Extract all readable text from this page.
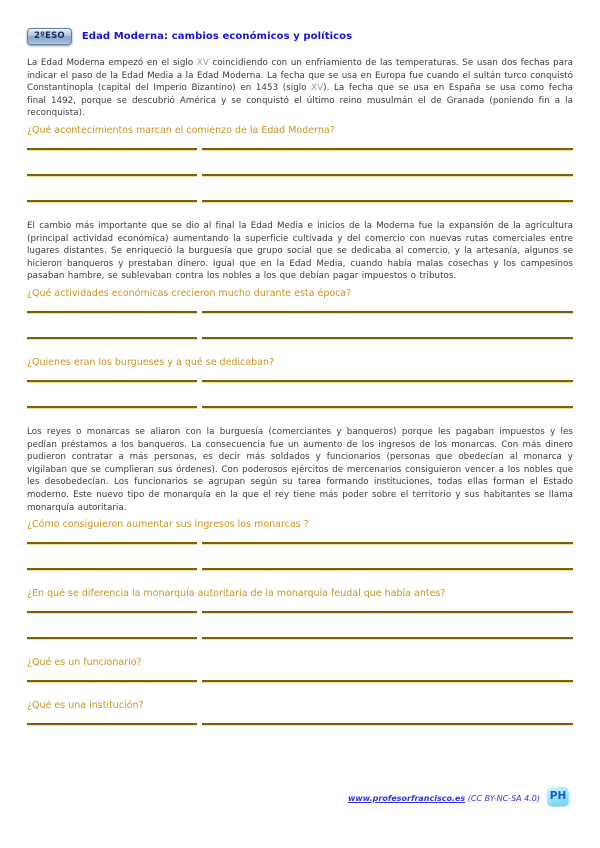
2ºESO	Edad Moderna: cambios económicos y políticos
La Edad Moderna empezó en el siglo XV coincidiendo con un enfriamiento de las temperaturas. Se usan dos fechas para indicar el paso de la Edad Media a la Edad Moderna. La fecha que se usa en Europa fue cuando el sultán turco conquistó Constantinopla (capital del Imperio Bizantino) en 1453 (siglo XV). La fecha que se usa en España se usa como fecha final 1492, porque se descubrió América y se conquistó el último reino musulmán el de Granada (poniendo fin a la reconquista).
¿Qué acontecimientos marcan el comienzo de la Edad Moderna?
El cambio más importante que se dio al final la Edad Media e inicios de la Moderna fue la expansión de la agricultura (principal actividad económica) aumentando la superficie cultivada y del comercio con nuevas rutas comerciales entre lugares distantes. Se enriqueció la burguesía que grupo social que se dedicaba al comercio, y la artesanía, algunos se hicieron banqueros y prestaban dinero. Igual que en la Edad Media, cuando había malas cosechas y los campesinos pasaban hambre, se sublevaban contra los nobles a los que debían pagar impuestos o tributos.
¿Qué actividades económicas crecieron mucho durante esta época?
¿Quienes eran los burgueses y a qué se dedicaban?
Los reyes o monarcas se aliaron con la burguesía (comerciantes y banqueros) porque les pagaban impuestos y les pedían préstamos a los banqueros. La consecuencia fue un aumento de los ingresos de los monarcas. Con más dinero pudieron contratar a más personas, es decir más soldados y funcionarios (personas que obedecían al monarca y vigilaban que se cumplieran sus órdenes). Con poderosos ejércitos de mercenarios consiguieron vencer a los nobles que les desobedecían. Los funcionarios se agrupan según su tarea formando instituciones, todas ellas forman el Estado moderno. Este nuevo tipo de monarquía en la que el rey tiene más poder sobre el territorio y sus habitantes se llama monarquía autoritaria.
¿Cómo consiguieron aumentar sus ingresos los monarcas ?
¿En qué se diferencia la monarquía autoritaria de la monarquía feudal que había antes?
¿Qué es un funcionario?
¿Qué es una institución?
www.profesorfrancisco.es (CC BY-NC-SA 4.0) PH
